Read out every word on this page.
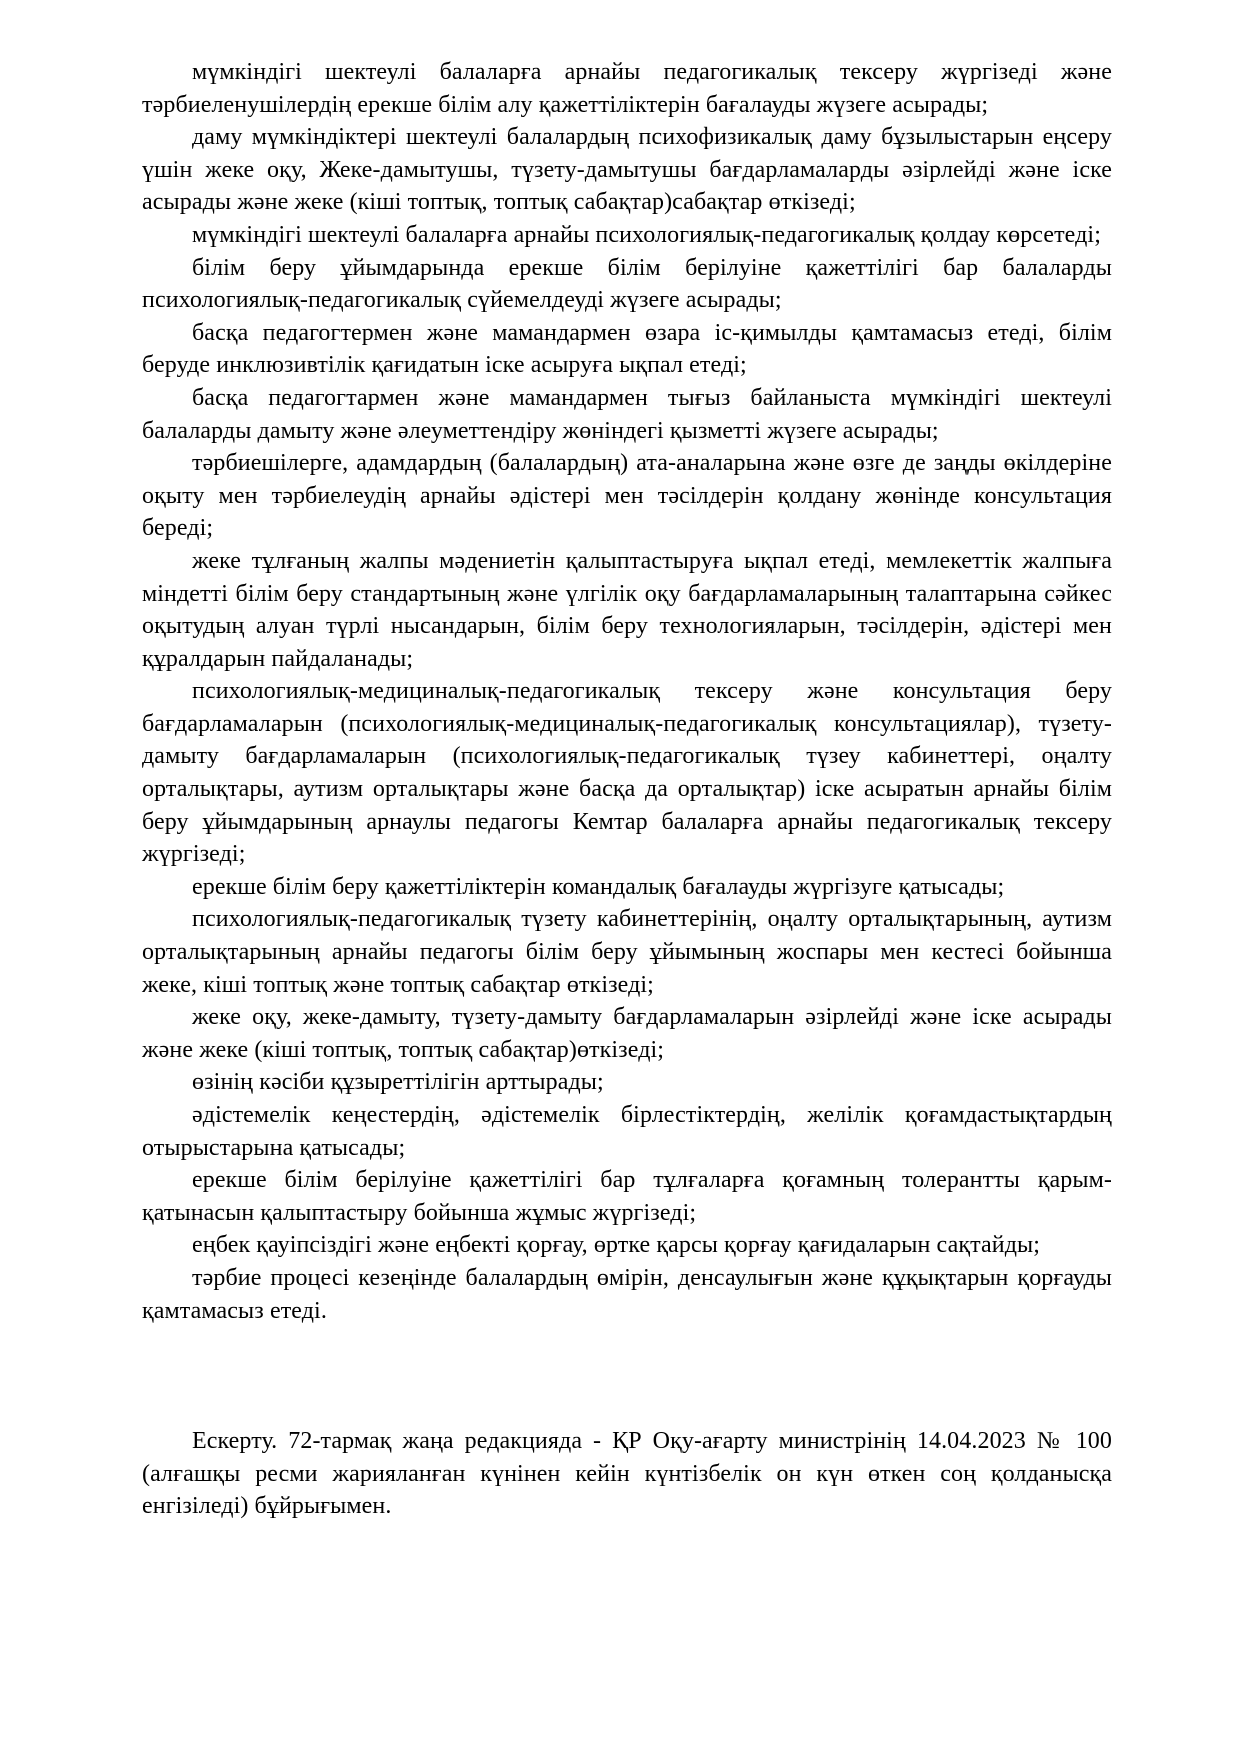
мүмкіндігі шектеулі балаларға арнайы педагогикалық тексеру жүргізеді және тәрбиеленушілердің ерекше білім алу қажеттіліктерін бағалауды жүзеге асырады;

даму мүмкіндіктері шектеулі балалардың психофизикалық даму бұзылыстарын еңсеру үшін жеке оқу, Жеке-дамытушы, түзету-дамытушы бағдарламаларды әзірлейді және іске асырады және жеке (кіші топтық, топтық сабақтар)сабақтар өткізеді;

мүмкіндігі шектеулі балаларға арнайы психологиялық-педагогикалық қолдау көрсетеді;

білім беру ұйымдарында ерекше білім берілуіне қажеттілігі бар балаларды психологиялық-педагогикалық сүйемелдеуді жүзеге асырады;

басқа педагогтермен және мамандармен өзара іс-қимылды қамтамасыз етеді, білім беруде инклюзивтілік қағидатын іске асыруға ықпал етеді;

басқа педагогтармен және мамандармен тығыз байланыста мүмкіндігі шектеулі балаларды дамыту және әлеуметтендіру жөніндегі қызметті жүзеге асырады;

тәрбиешілерге, адамдардың (балалардың) ата-аналарына және өзге де заңды өкілдеріне оқыту мен тәрбиелеудің арнайы әдістері мен тәсілдерін қолдану жөнінде консультация береді;

жеке тұлғаның жалпы мәдениетін қалыптастыруға ықпал етеді, мемлекеттік жалпыға міндетті білім беру стандартының және үлгілік оқу бағдарламаларының талаптарына сәйкес оқытудың алуан түрлі нысандарын, білім беру технологияларын, тәсілдерін, әдістері мен құралдарын пайдаланады;

психологиялық-медициналық-педагогикалық тексеру және консультация беру бағдарламаларын (психологиялық-медициналық-педагогикалық консультациялар), түзету-дамыту бағдарламаларын (психологиялық-педагогикалық түзеу кабинеттері, оңалту орталықтары, аутизм орталықтары және басқа да орталықтар) іске асыратын арнайы білім беру ұйымдарының арнаулы педагогы Кемтар балаларға арнайы педагогикалық тексеру жүргізеді;

ерекше білім беру қажеттіліктерін командалық бағалауды жүргізуге қатысады;

психологиялық-педагогикалық түзету кабинеттерінің, оңалту орталықтарының, аутизм орталықтарының арнайы педагогы білім беру ұйымының жоспары мен кестесі бойынша жеке, кіші топтық және топтық сабақтар өткізеді;

жеке оқу, жеке-дамыту, түзету-дамыту бағдарламаларын әзірлейді және іске асырады және жеке (кіші топтық, топтық сабақтар)өткізеді;

өзінің кәсіби құзыреттілігін арттырады;

әдістемелік кеңестердің, әдістемелік бірлестіктердің, желілік қоғамдастықтардың отырыстарына қатысады;

ерекше білім берілуіне қажеттілігі бар тұлғаларға қоғамның толерантты қарым-қатынасын қалыптастыру бойынша жұмыс жүргізеді;

еңбек қауіпсіздігі және еңбекті қорғау, өртке қарсы қорғау қағидаларын сақтайды;

тәрбие процесі кезеңінде балалардың өмірін, денсаулығын және құқықтарын қорғауды қамтамасыз етеді.

Ескерту. 72-тармақ жаңа редакцияда - ҚР Оқу-ағарту министрінің 14.04.2023 № 100 (алғашқы ресми жарияланған күнінен кейін күнтізбелік он күн өткен соң қолданысқа енгізіледі) бұйрығымен.
